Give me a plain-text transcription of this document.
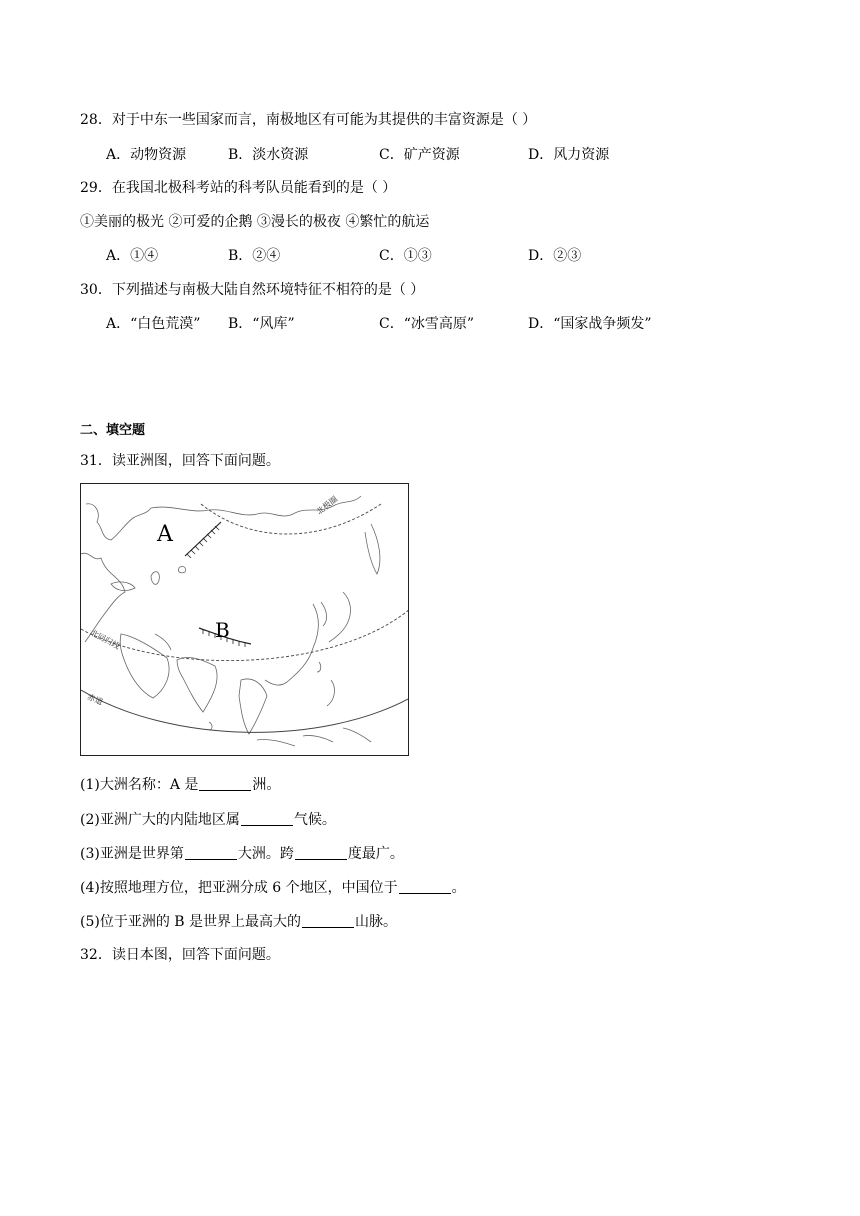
28．对于中东一些国家而言，南极地区有可能为其提供的丰富资源是（ ）
A．动物资源	B．淡水资源	C．矿产资源	D．风力资源
29．在我国北极科考站的科考队员能看到的是（ ）
①美丽的极光 ②可爱的企鹅 ③漫长的极夜 ④繁忙的航运
A．①④	B．②④	C．①③	D．②③
30．下列描述与南极大陆自然环境特征不相符的是（ ）
A．“白色荒漠” B．“风库”	C．“冰雪高原”	D．“国家战争频发”
二、填空题
31．读亚洲图，回答下面问题。
A
B
北极圈
北回归线
赤道
(1)大洲名称：A 是	洲。
(2)亚洲广大的内陆地区属	气候。
(3)亚洲是世界第	大洲。跨	度最广。
(4)按照地理方位，把亚洲分成 6 个地区，中国位于	。
(5)位于亚洲的 B 是世界上最高大的	山脉。
32．读日本图，回答下面问题。
